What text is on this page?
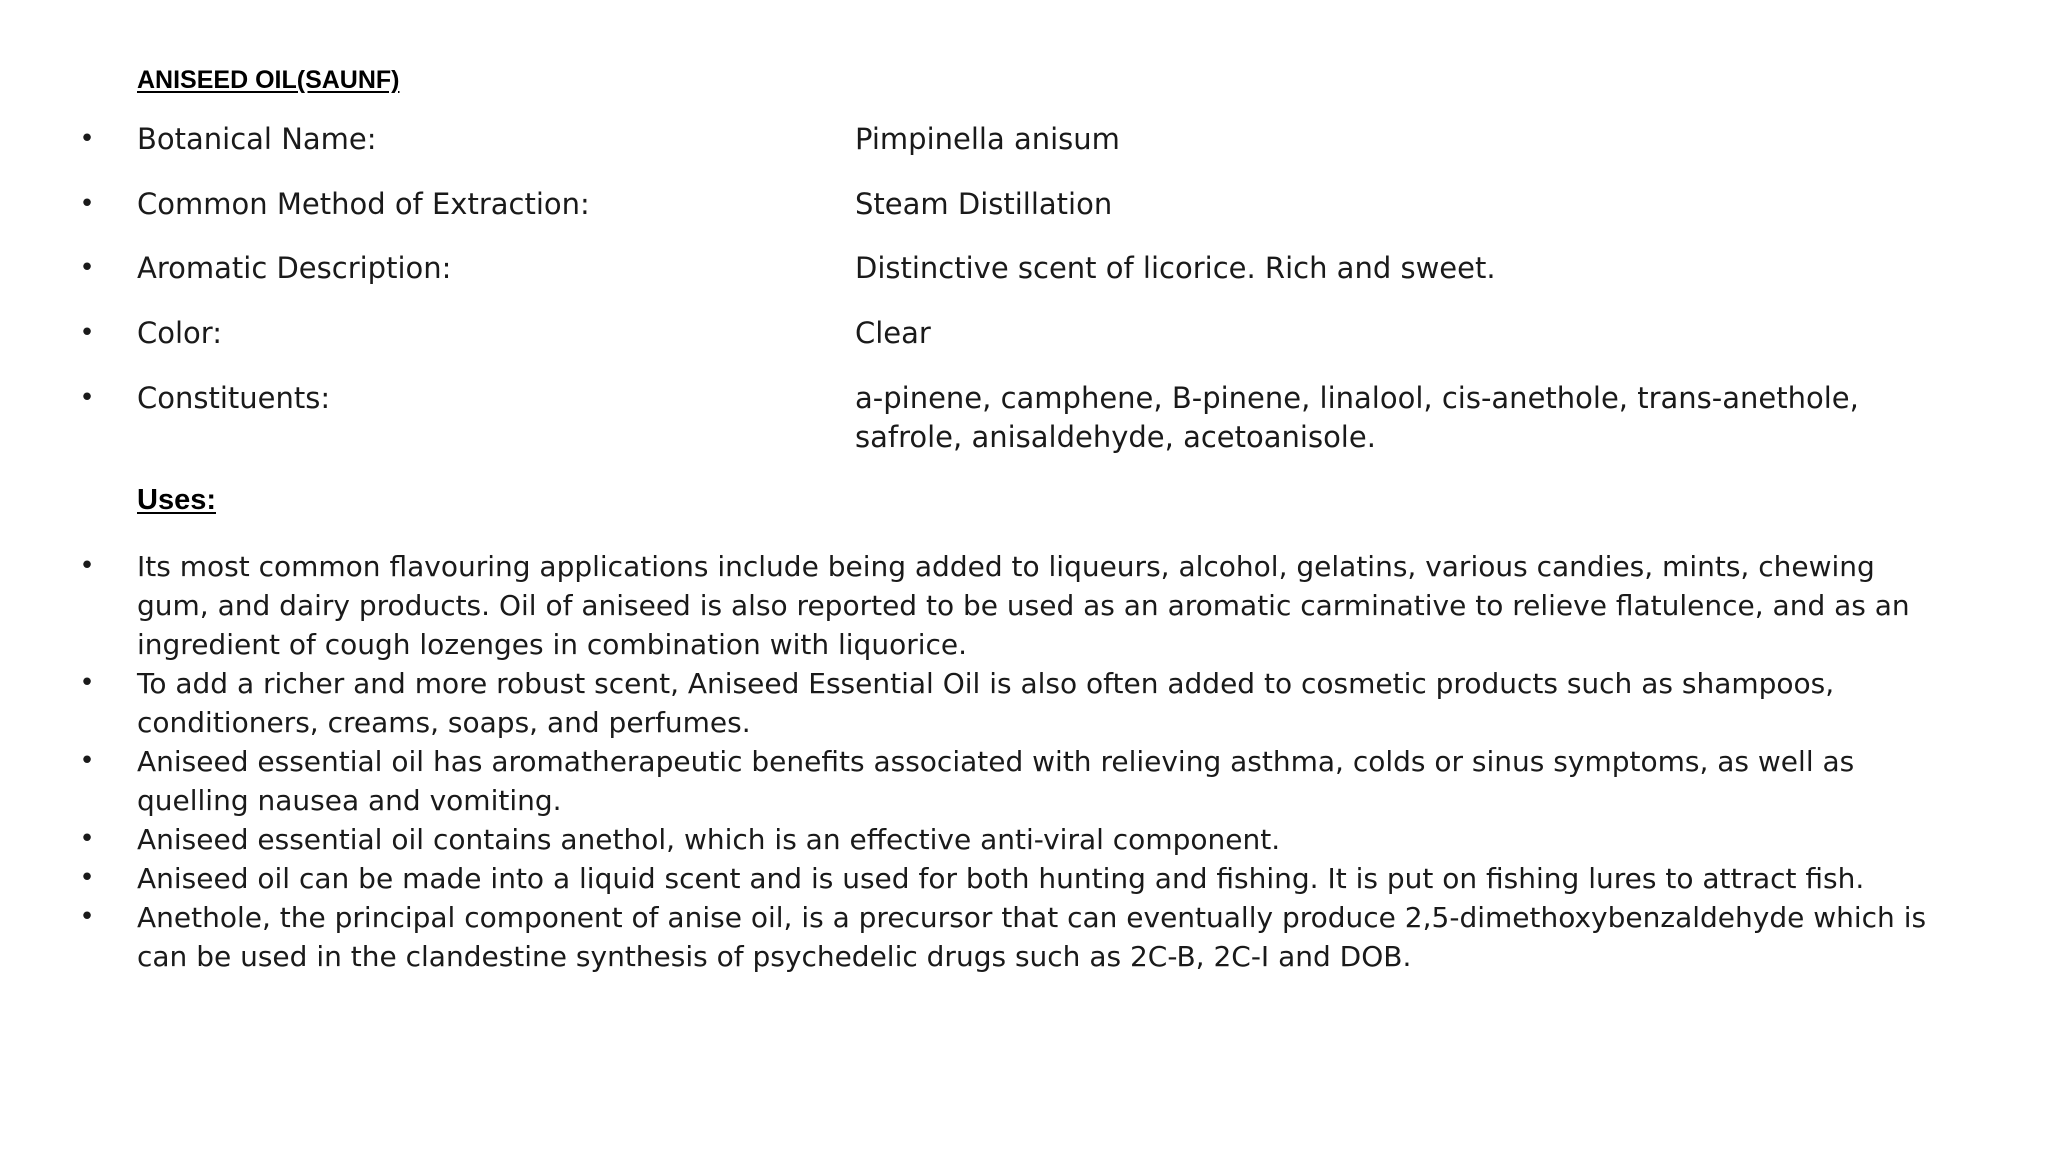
ANISEED OIL(SAUNF)
• Botanical Name:	Pimpinella anisum
• Common Method of Extraction:	Steam Distillation
• Aromatic Description:	Distinctive scent of licorice. Rich and sweet.
• Color:	Clear
• Constituents:	a-pinene, camphene, B-pinene, linalool, cis-anethole, trans-anethole, safrole, anisaldehyde, acetoanisole.
Uses:
• Its most common flavouring applications include being added to liqueurs, alcohol, gelatins, various candies, mints, chewing gum, and dairy products. Oil of aniseed is also reported to be used as an aromatic carminative to relieve flatulence, and as an ingredient of cough lozenges in combination with liquorice.
• To add a richer and more robust scent, Aniseed Essential Oil is also often added to cosmetic products such as shampoos, conditioners, creams, soaps, and perfumes.
• Aniseed essential oil has aromatherapeutic benefits associated with relieving asthma, colds or sinus symptoms, as well as quelling nausea and vomiting.
• Aniseed essential oil contains anethol, which is an effective anti-viral component.
• Aniseed oil can be made into a liquid scent and is used for both hunting and fishing. It is put on fishing lures to attract fish.
• Anethole, the principal component of anise oil, is a precursor that can eventually produce 2,5-dimethoxybenzaldehyde which is can be used in the clandestine synthesis of psychedelic drugs such as 2C-B, 2C-I and DOB.
